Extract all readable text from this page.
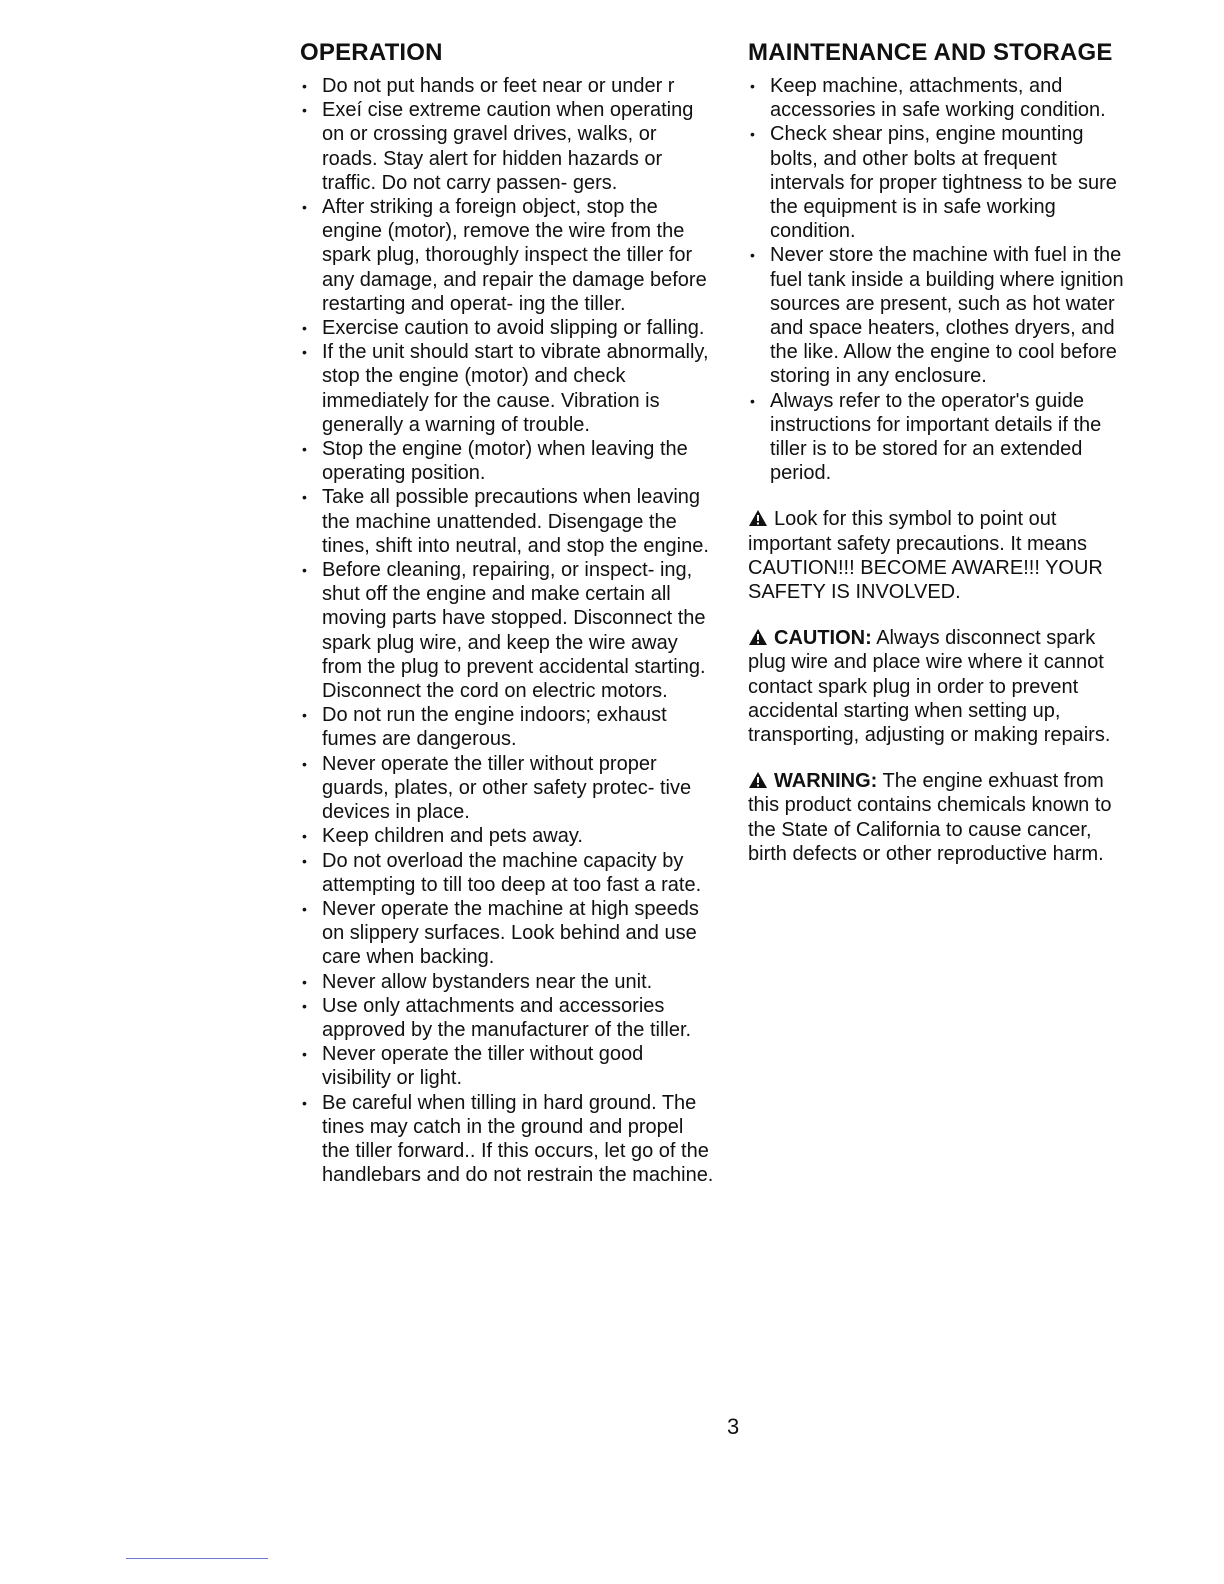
OPERATION
• Do not put hands or feet near or under r
• Exeí cise extreme caution when operating on or crossing gravel drives, walks, or roads. Stay alert for hidden hazards or traffic. Do not carry passen- gers.
• After striking a foreign object, stop the engine (motor), remove the wire from the spark plug, thoroughly inspect the tiller for any damage, and repair the damage before restarting and operat- ing the tiller.
• Exercise caution to avoid slipping or falling.
• If the unit should start to vibrate abnormally, stop the engine (motor) and check immediately for the cause. Vibration is generally a warning of trouble.
• Stop the engine (motor) when leaving the operating position.
• Take all possible precautions when leaving the machine unattended. Disengage the tines, shift into neutral, and stop the engine.
• Before cleaning, repairing, or inspect- ing, shut off the engine and make certain all moving parts have stopped. Disconnect the spark plug wire, and keep the wire away from the plug to prevent accidental starting. Disconnect the cord on electric motors.
• Do not run the engine indoors; exhaust fumes are dangerous.
• Never operate the tiller without proper guards, plates, or other safety protec- tive devices in place.
• Keep children and pets away.
• Do not overload the machine capacity by attempting to till too deep at too fast a rate.
• Never operate the machine at high speeds on slippery surfaces. Look behind and use care when backing.
• Never allow bystanders near the unit.
• Use only attachments and accessories approved by the manufacturer of the tiller.
• Never operate the tiller without good visibility or light.
• Be careful when tilling in hard ground. The tines may catch in the ground and propel the tiller forward.. If this occurs, let go of the handlebars and do not restrain the machine.
MAINTENANCE AND STORAGE
• Keep machine, attachments, and accessories in safe working condition.
• Check shear pins, engine mounting bolts, and other bolts at frequent intervals for proper tightness to be sure the equipment is in safe working condition.
• Never store the machine with fuel in the fuel tank inside a building where ignition sources are present, such as hot water and space heaters, clothes dryers, and the like. Allow the engine to cool before storing in any enclosure.
• Always refer to the operator's guide instructions for important details if the tiller is to be stored for an extended period.

Look for this symbol to point out important safety precautions. It means CAUTION!!! BECOME AWARE!!! YOUR SAFETY IS INVOLVED.

CAUTION: Always disconnect spark plug wire and place wire where it cannot contact spark plug in order to prevent accidental starting when setting up, transporting, adjusting or making repairs.

WARNING: The engine exhuast from this product contains chemicals known to the State of California to cause cancer, birth defects or other reproductive harm.

3
